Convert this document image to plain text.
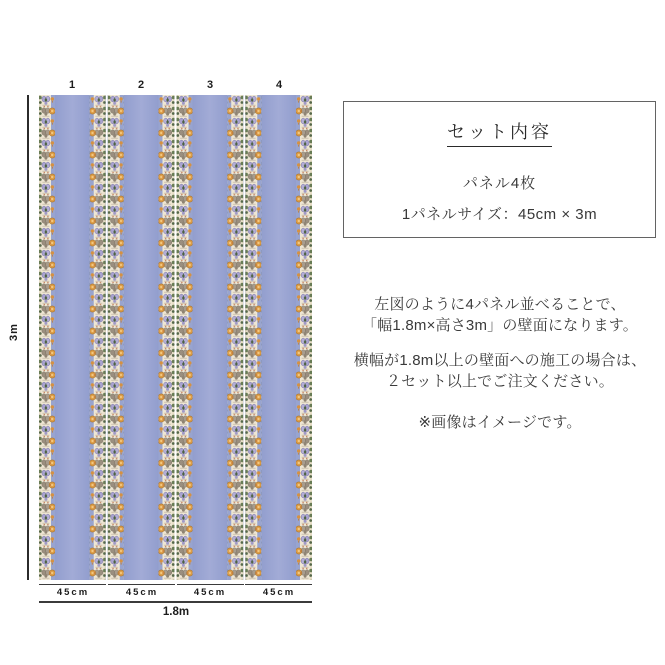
1	2	3	4
3m
45cm	45cm	45cm	45cm
1.8m
セット内容
パネル4枚
1パネルサイズ：45cm × 3m
左図のように4パネル並べることで、
「幅1.8m×高さ3m」の壁面になります。
横幅が1.8m以上の壁面への施工の場合は、
２セット以上でご注文ください。
※画像はイメージです。
